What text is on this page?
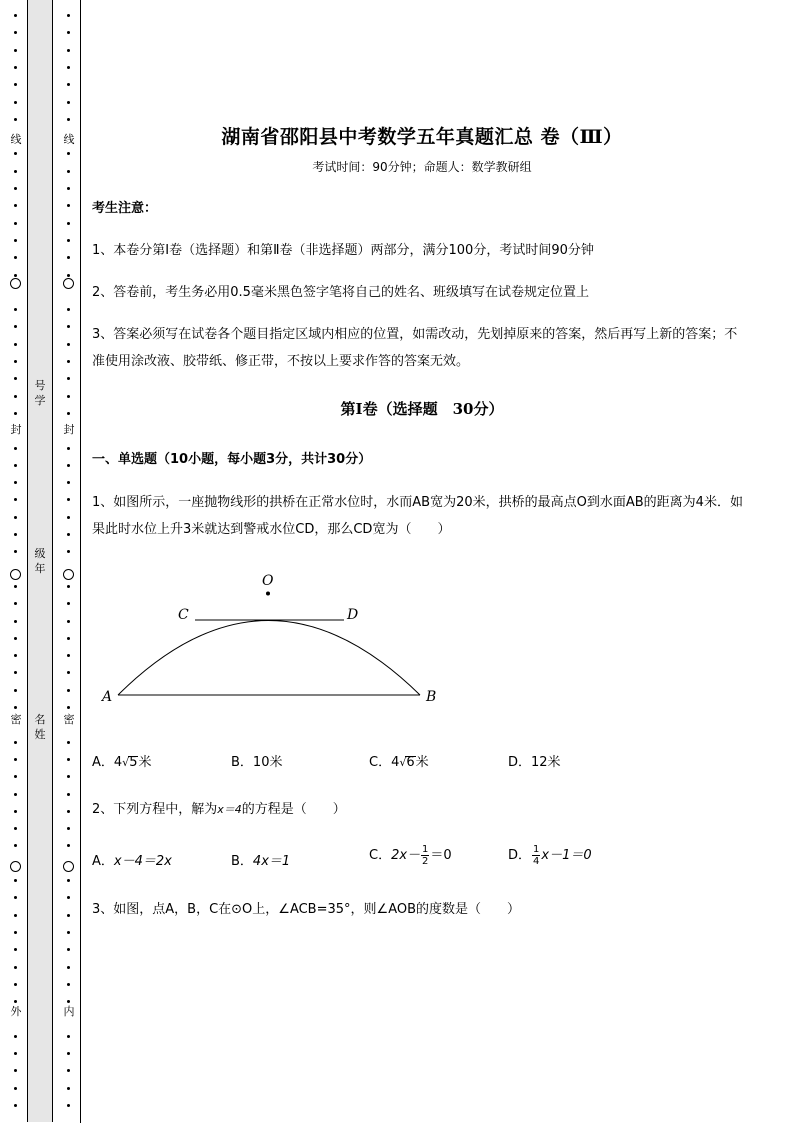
线
封
密
外
线
封
密
内
号
学
级
年
名
姓
湖南省邵阳县中考数学五年真题汇总 卷（Ⅲ）
考试时间：90分钟；命题人：数学教研组
考生注意：
1、本卷分第Ⅰ卷（选择题）和第Ⅱ卷（非选择题）两部分，满分100分，考试时间90分钟
2、答卷前，考生务必用0.5毫米黑色签字笔将自己的姓名、班级填写在试卷规定位置上
3、答案必须写在试卷各个题目指定区域内相应的位置，如需改动，先划掉原来的答案，然后再写上新的答案；不准使用涂改液、胶带纸、修正带，不按以上要求作答的答案无效。
第Ⅰ卷（选择题　30分）
一、单选题（10小题，每小题3分，共计30分）
1、如图所示，一座抛物线形的拱桥在正常水位时，水而AB宽为20米，拱桥的最高点O到水面AB的距离为4米．如果此时水位上升3米就达到警戒水位CD，那么CD宽为（　　）
A．4√5米	B．10米	C．4√6米	D．12米
2、下列方程中，解为x＝4的方程是（　　）
A．x－4＝2x	B．4x＝1	C．$2x- \frac{1}{2} =0$	D． $\frac{1}{4} x-1=0$
3、如图，点A，B，C在⊙O上，∠ACB=35°，则∠AOB的度数是（　　）
O
C	D
A	B
